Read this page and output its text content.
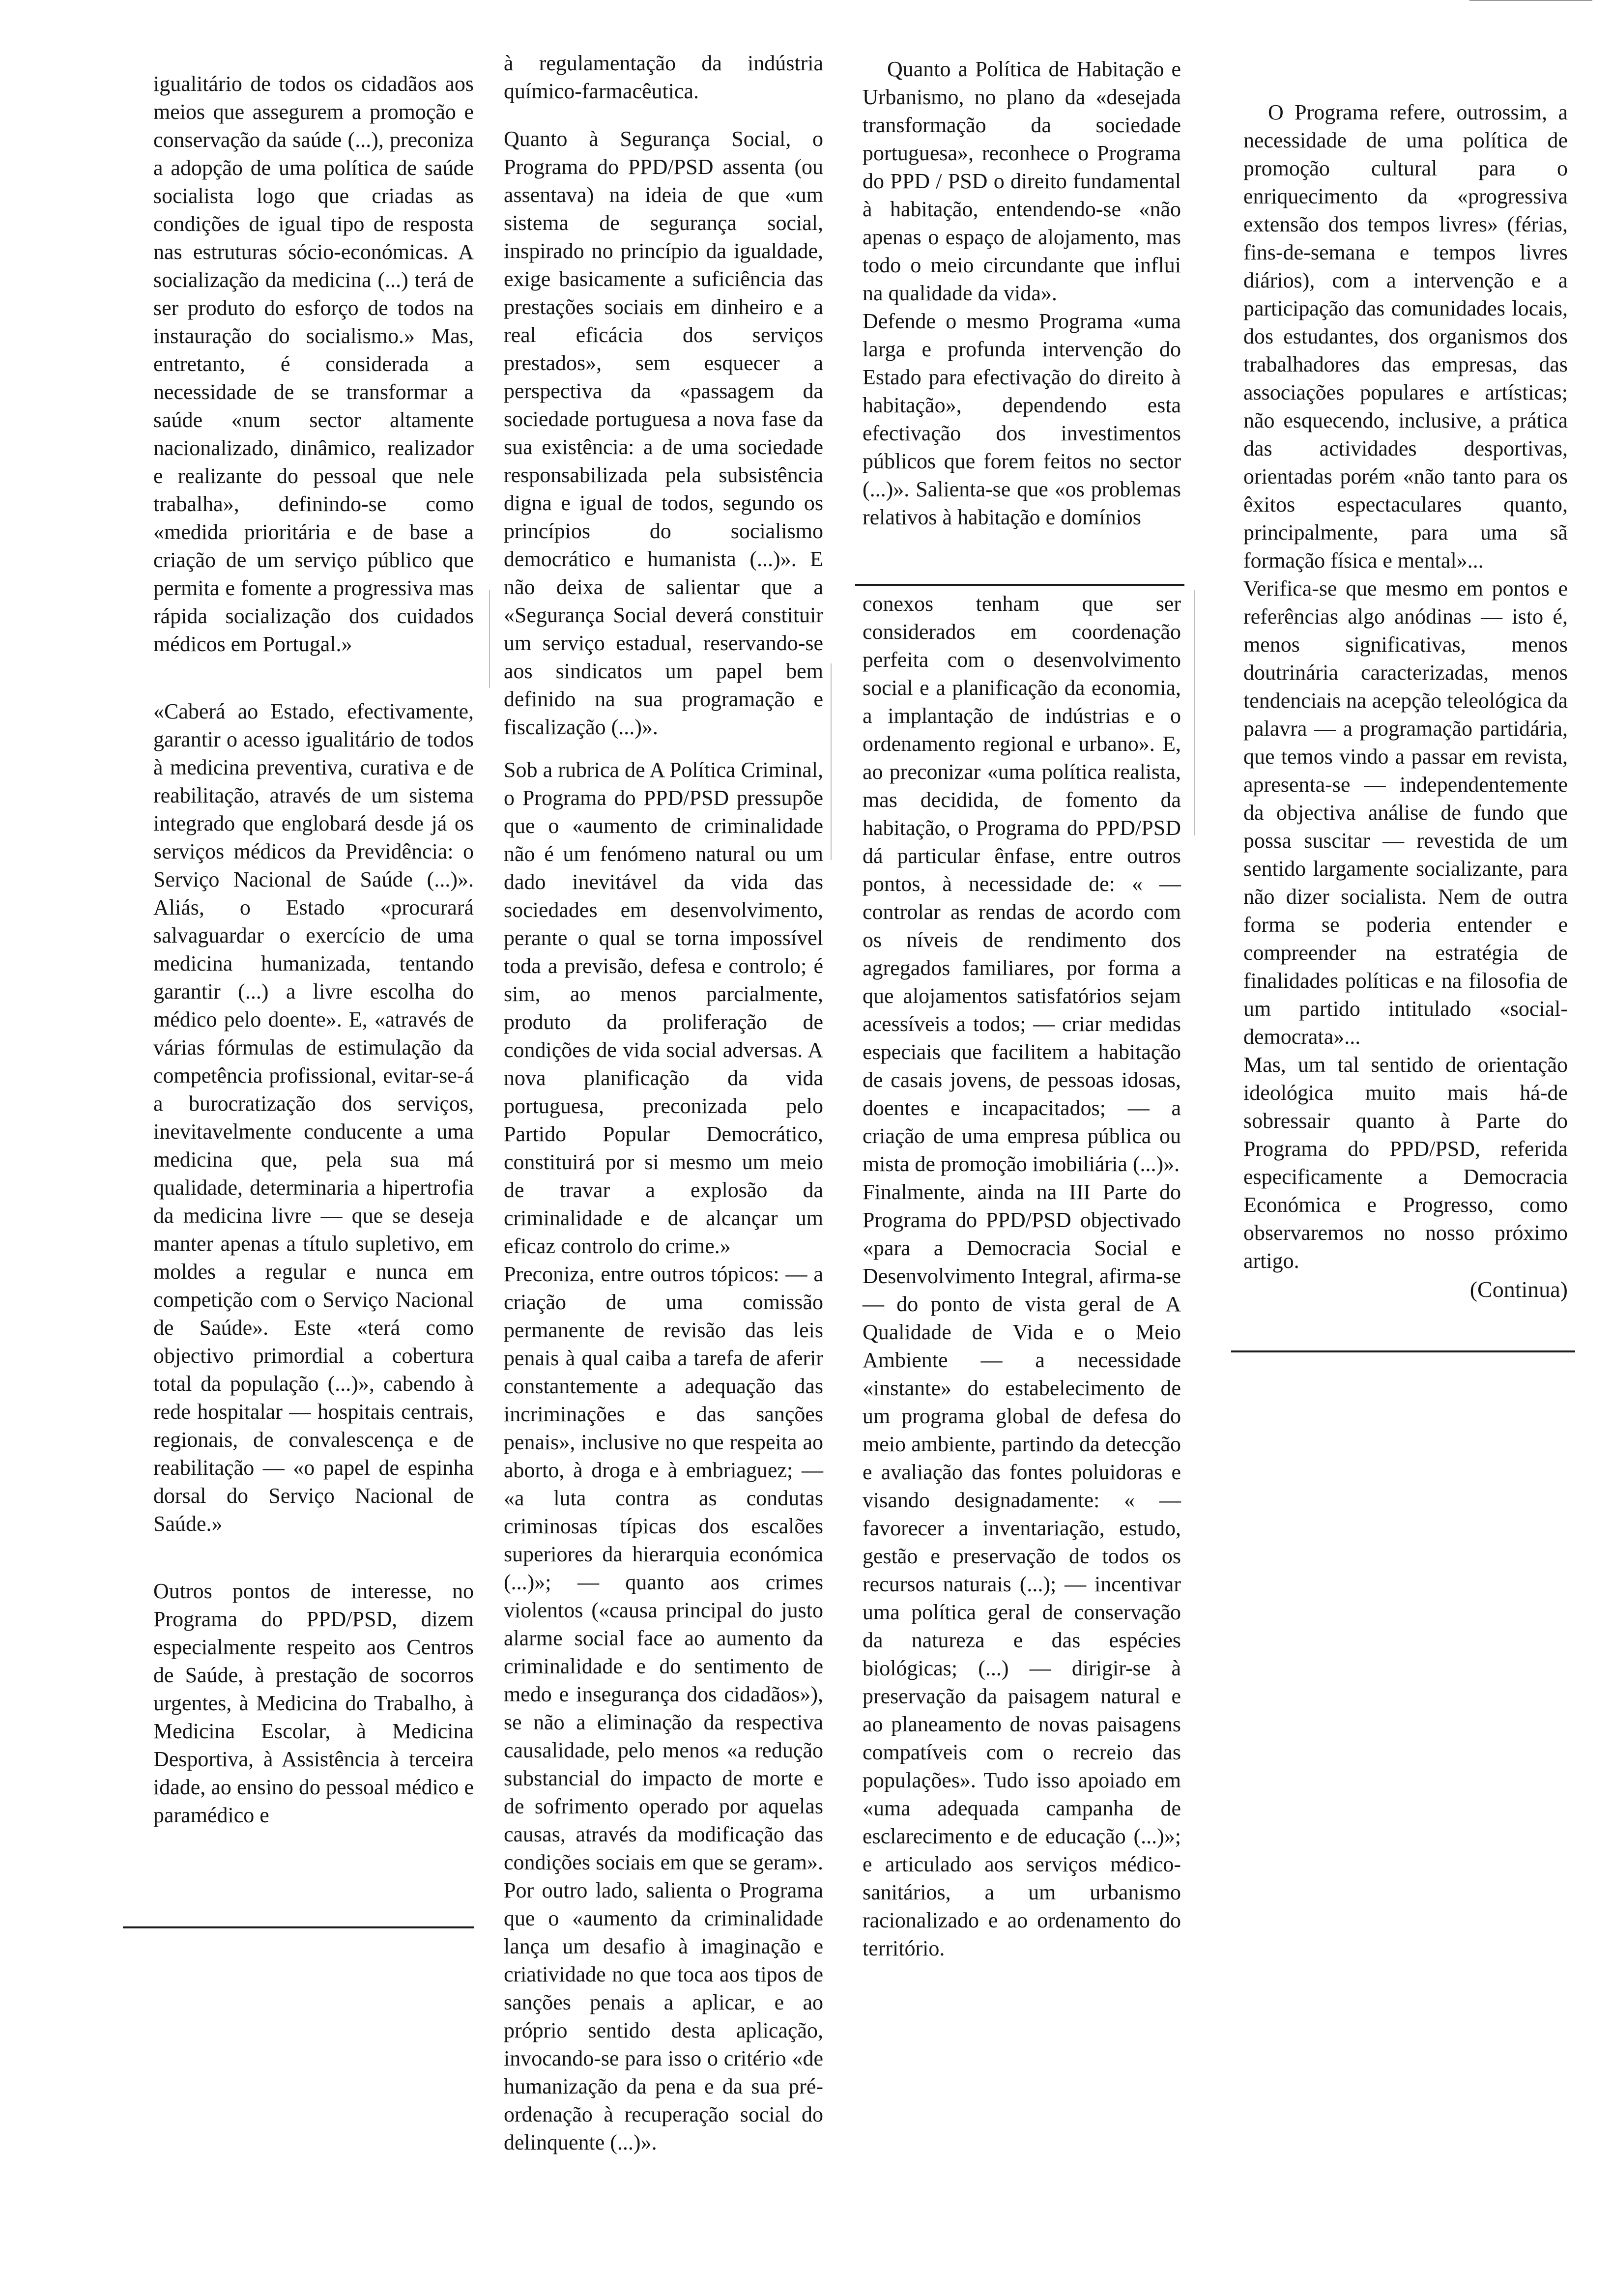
igualitário de todos os cidadãos aos meios que assegurem a promoção e conservação da saúde (...), preconiza a adopção de uma política de saúde socialista logo que criadas as condições de igual tipo de resposta nas estruturas sócio-económicas. A socialização da medicina (...) terá de ser produto do esforço de todos na instauração do socialismo.» Mas, entretanto, é considerada a necessidade de se transformar a saúde «num sector altamente nacionalizado, dinâmico, realizador e realizante do pessoal que nele trabalha», definindo-se como «medida prioritária e de base a criação de um serviço público que permita e fomente a progressiva mas rápida socialização dos cuidados médicos em Portugal.»

«Caberá ao Estado, efectivamente, garantir o acesso igualitário de todos à medicina preventiva, curativa e de reabilitação, através de um sistema integrado que englobará desde já os serviços médicos da Previdência: o Serviço Nacional de Saúde (...)». Aliás, o Estado «procurará salvaguardar o exercício de uma medicina humanizada, tentando garantir (...) a livre escolha do médico pelo doente». E, «através de várias fórmulas de estimulação da competência profissional, evitar-se-á a burocratização dos serviços, inevitavelmente conducente a uma medicina que, pela sua má qualidade, determinaria a hipertrofia da medicina livre — que se deseja manter apenas a título supletivo, em moldes a regular e nunca em competição com o Serviço Nacional de Saúde». Este «terá como objectivo primordial a cobertura total da população (...)», cabendo à rede hospitalar — hospitais centrais, regionais, de convalescença e de reabilitação — «o papel de espinha dorsal do Serviço Nacional de Saúde.»

Outros pontos de interesse, no Programa do PPD/PSD, dizem especialmente respeito aos Centros de Saúde, à prestação de socorros urgentes, à Medicina do Trabalho, à Medicina Escolar, à Medicina Desportiva, à Assistência à terceira idade, ao ensino do pessoal médico e paramédico e

à regulamentação da indústria químico-farmacêutica.

Quanto à Segurança Social, o Programa do PPD/PSD assenta (ou assentava) na ideia de que «um sistema de segurança social, inspirado no princípio da igualdade, exige basicamente a suficiência das prestações sociais em dinheiro e a real eficácia dos serviços prestados», sem esquecer a perspectiva da «passagem da sociedade portuguesa a nova fase da sua existência: a de uma sociedade responsabilizada pela subsistência digna e igual de todos, segundo os princípios do socialismo democrático e humanista (...)». E não deixa de salientar que a «Segurança Social deverá constituir um serviço estadual, reservando-se aos sindicatos um papel bem definido na sua programação e fiscalização (...)».

Sob a rubrica de A Política Criminal, o Programa do PPD/PSD pressupõe que o «aumento de criminalidade não é um fenómeno natural ou um dado inevitável da vida das sociedades em desenvolvimento, perante o qual se torna impossível toda a previsão, defesa e controlo; é sim, ao menos parcialmente, produto da proliferação de condições de vida social adversas. A nova planificação da vida portuguesa, preconizada pelo Partido Popular Democrático, constituirá por si mesmo um meio de travar a explosão da criminalidade e de alcançar um eficaz controlo do crime.»

Preconiza, entre outros tópicos: — a criação de uma comissão permanente de revisão das leis penais à qual caiba a tarefa de aferir constantemente a adequação das incriminações e das sanções penais», inclusive no que respeita ao aborto, à droga e à embriaguez; — «a luta contra as condutas criminosas típicas dos escalões superiores da hierarquia económica (...)»; — quanto aos crimes violentos («causa principal do justo alarme social face ao aumento da criminalidade e do sentimento de medo e insegurança dos cidadãos»), se não a eliminação da respectiva causalidade, pelo menos «a redução substancial do impacto de morte e de sofrimento operado por aquelas causas, através da modificação das condições sociais em que se geram». Por outro lado, salienta o Programa que o «aumento da criminalidade lança um desafio à imaginação e criatividade no que toca aos tipos de sanções penais a aplicar, e ao próprio sentido desta aplicação, invocando-se para isso o critério «de humanização da pena e da sua pré-ordenação à recuperação social do delinquente (...)».

Quanto a Política de Habitação e Urbanismo, no plano da «desejada transformação da sociedade portuguesa», reconhece o Programa do PPD / PSD o direito fundamental à habitação, entendendo-se «não apenas o espaço de alojamento, mas todo o meio circundante que influi na qualidade da vida».

Defende o mesmo Programa «uma larga e profunda intervenção do Estado para efectivação do direito à habitação», dependendo esta efectivação dos investimentos públicos que forem feitos no sector (...)». Salienta-se que «os problemas relativos à habitação e domínios

conexos tenham que ser considerados em coordenação perfeita com o desenvolvimento social e a planificação da economia, a implantação de indústrias e o ordenamento regional e urbano». E, ao preconizar «uma política realista, mas decidida, de fomento da habitação, o Programa do PPD/PSD dá particular ênfase, entre outros pontos, à necessidade de: « — controlar as rendas de acordo com os níveis de rendimento dos agregados familiares, por forma a que alojamentos satisfatórios sejam acessíveis a todos; — criar medidas especiais que facilitem a habitação de casais jovens, de pessoas idosas, doentes e incapacitados; — a criação de uma empresa pública ou mista de promoção imobiliária (...)».

Finalmente, ainda na III Parte do Programa do PPD/PSD objectivado «para a Democracia Social e Desenvolvimento Integral, afirma-se — do ponto de vista geral de A Qualidade de Vida e o Meio Ambiente — a necessidade «instante» do estabelecimento de um programa global de defesa do meio ambiente, partindo da detecção e avaliação das fontes poluidoras e visando designadamente: « — favorecer a inventariação, estudo, gestão e preservação de todos os recursos naturais (...); — incentivar uma política geral de conservação da natureza e das espécies biológicas; (...) — dirigir-se à preservação da paisagem natural e ao planeamento de novas paisagens compatíveis com o recreio das populações». Tudo isso apoiado em «uma adequada campanha de esclarecimento e de educação (...)»; e articulado aos serviços médico-sanitários, a um urbanismo racionalizado e ao ordenamento do território.

O Programa refere, outrossim, a necessidade de uma política de promoção cultural para o enriquecimento da «progressiva extensão dos tempos livres» (férias, fins-de-semana e tempos livres diários), com a intervenção e a participação das comunidades locais, dos estudantes, dos organismos dos trabalhadores das empresas, das associações populares e artísticas; não esquecendo, inclusive, a prática das actividades desportivas, orientadas porém «não tanto para os êxitos espectaculares quanto, principalmente, para uma sã formação física e mental»...

Verifica-se que mesmo em pontos e referências algo anódinas — isto é, menos significativas, menos doutrinária caracterizadas, menos tendenciais na acepção teleológica da palavra — a programação partidária, que temos vindo a passar em revista, apresenta-se — independentemente da objectiva análise de fundo que possa suscitar — revestida de um sentido largamente socializante, para não dizer socialista. Nem de outra forma se poderia entender e compreender na estratégia de finalidades políticas e na filosofia de um partido intitulado «social-democrata»...

Mas, um tal sentido de orientação ideológica muito mais há-de sobressair quanto à Parte do Programa do PPD/PSD, referida especificamente a Democracia Económica e Progresso, como observaremos no nosso próximo artigo.

(Continua)
